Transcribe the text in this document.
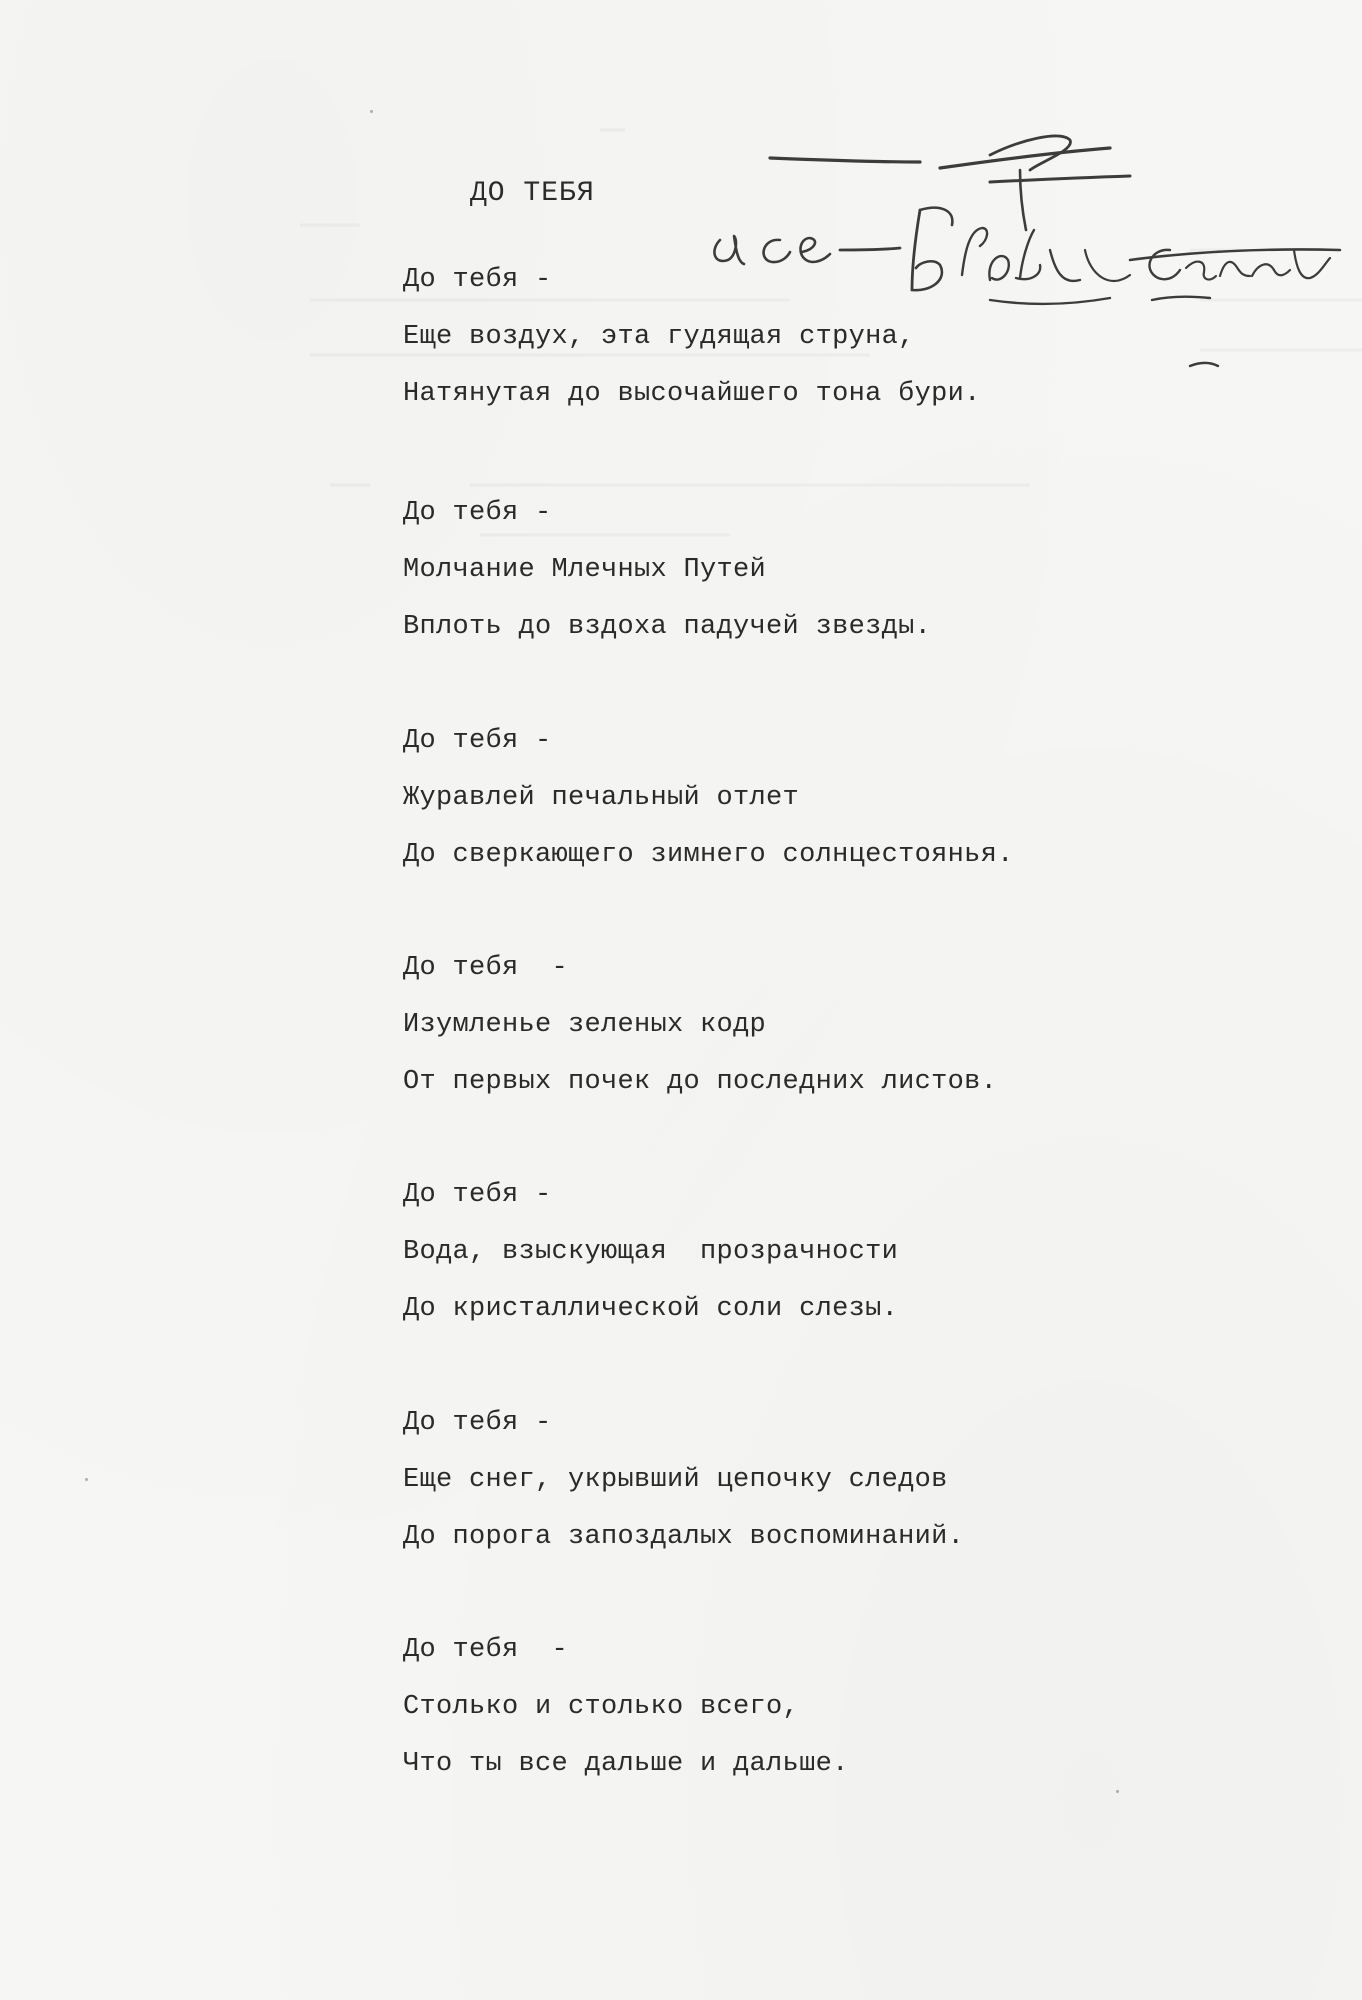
ДО ТЕБЯ
До тебя -
Еще воздух, эта гудящая струна,
Натянутая до высочайшего тона бури.
До тебя -
Молчание Млечных Путей
Вплоть до вздоха падучей звезды.
До тебя -
Журавлей печальный отлет
До сверкающего зимнего солнцестоянья.
До тебя  -
Изумленье зеленых кодр
От первых почек до последних листов.
До тебя -
Вода, взыскующая  прозрачности
До кристаллической соли слезы.
До тебя -
Еще снег, укрывший цепочку следов
До порога запоздалых воспоминаний.
До тебя  -
Столько и столько всего,
Что ты все дальше и дальше.
